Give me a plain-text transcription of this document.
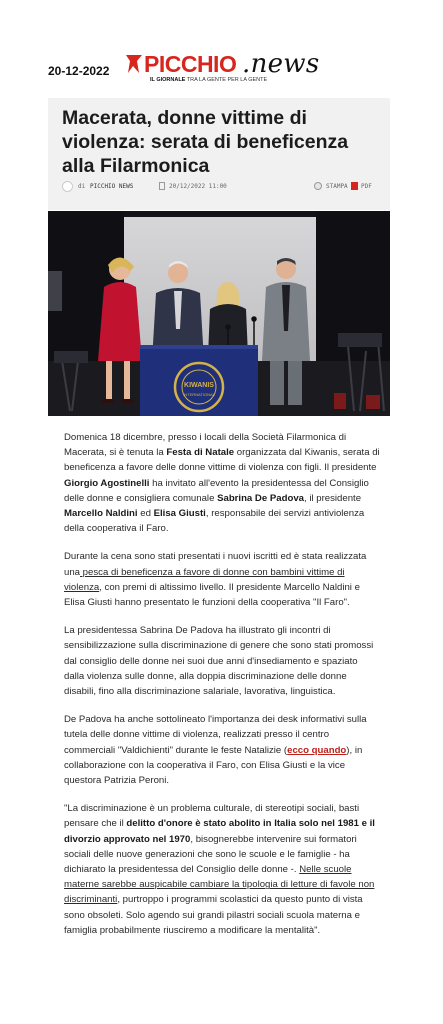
20-12-2022 PICCHIO .news
IL GIORNALE TRA LA GENTE PER LA GENTE
Macerata, donne vittime di violenza: serata di beneficenza alla Filarmonica
di PICCHIO NEWS	20/12/2022 11:00	STAMPA PDF
KIWANIS
INTERNATIONAL

Domenica 18 dicembre, presso i locali della Società Filarmonica di Macerata, si è tenuta la Festa di Natale organizzata dal Kiwanis, serata di beneficenza a favore delle donne vittime di violenza con figli. Il presidente Giorgio Agostinelli ha invitato all'evento la presidentessa del Consiglio delle donne e consigliera comunale Sabrina De Padova, il presidente Marcello Naldini ed Elisa Giusti, responsabile dei servizi antiviolenza della cooperativa il Faro.

Durante la cena sono stati presentati i nuovi iscritti ed è stata realizzata una pesca di beneficenza a favore di donne con bambini vittime di violenza, con premi di altissimo livello. Il presidente Marcello Naldini e Elisa Giusti hanno presentato le funzioni della cooperativa "Il Faro".

La presidentessa Sabrina De Padova ha illustrato gli incontri di sensibilizzazione sulla discriminazione di genere che sono stati promossi dal consiglio delle donne nei suoi due anni d'insediamento e spaziato dalla violenza sulle donne, alla doppia discriminazione delle donne disabili, fino alla discriminazione salariale, lavorativa, linguistica.

De Padova ha anche sottolineato l'importanza dei desk informativi sulla tutela delle donne vittime di violenza, realizzati presso il centro commerciali "Valdichienti" durante le feste Natalizie (ecco quando), in collaborazione con la cooperativa il Faro, con Elisa Giusti e la vice questora Patrizia Peroni.

"La discriminazione è un problema culturale, di stereotipi sociali, basti pensare che il delitto d'onore è stato abolito in Italia solo nel 1981 e il divorzio approvato nel 1970, bisognerebbe intervenire sui formatori sociali delle nuove generazioni che sono le scuole e le famiglie - ha dichiarato la presidentessa del Consiglio delle donne -. Nelle scuole materne sarebbe auspicabile cambiare la tipologia di letture di favole non discriminanti, purtroppo i programmi scolastici da questo punto di vista sono obsoleti. Solo agendo sui grandi pilastri sociali scuola materna e famiglia probabilmente riusciremo a modificare la mentalità".
